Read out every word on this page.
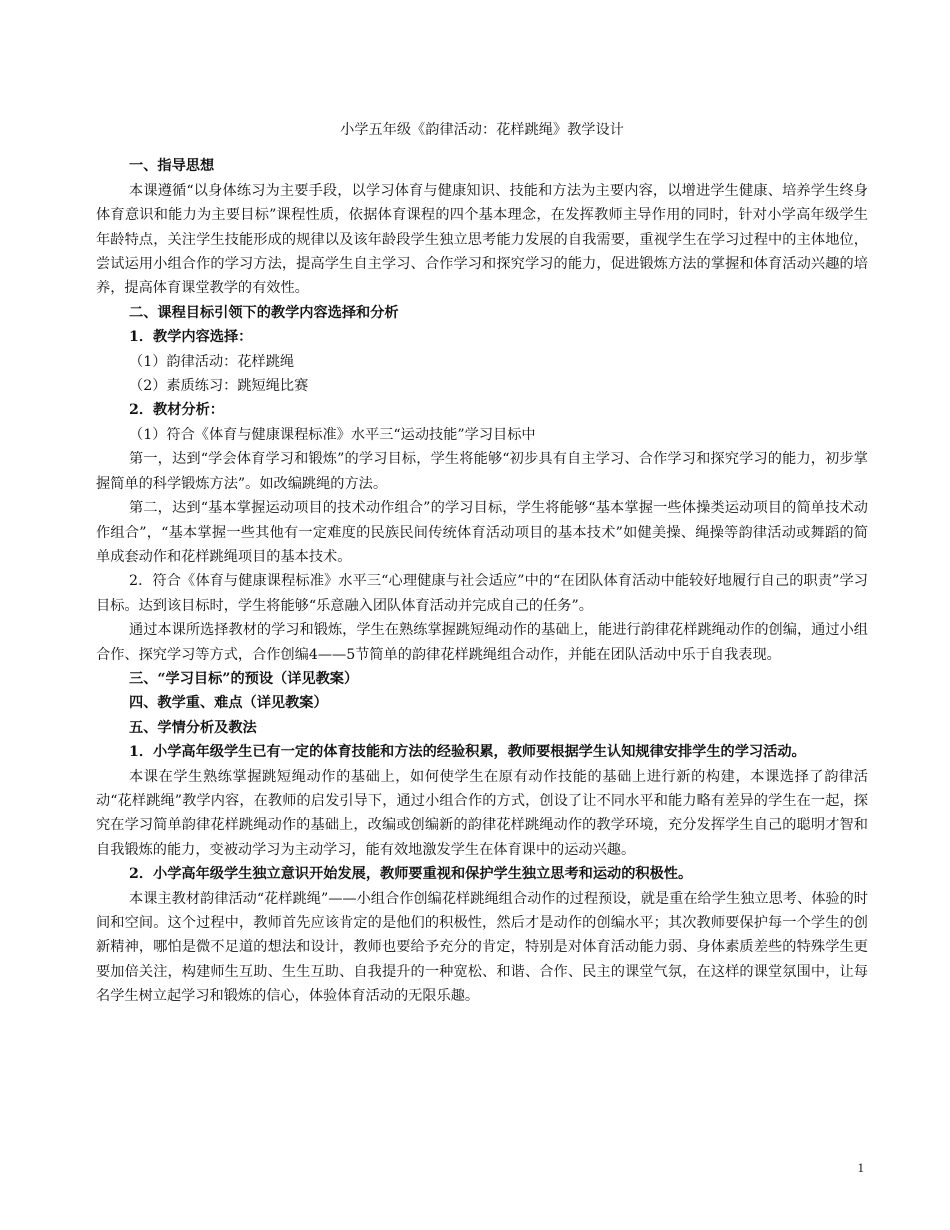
小学五年级《韵律活动：花样跳绳》教学设计
一、指导思想

本课遵循“以身体练习为主要手段，以学习体育与健康知识、技能和方法为主要内容，以增进学生健康、培养学生终身体育意识和能力为主要目标”课程性质，依据体育课程的四个基本理念，在发挥教师主导作用的同时，针对小学高年级学生年龄特点，关注学生技能形成的规律以及该年龄段学生独立思考能力发展的自我需要，重视学生在学习过程中的主体地位，尝试运用小组合作的学习方法，提高学生自主学习、合作学习和探究学习的能力，促进锻炼方法的掌握和体育活动兴趣的培养，提高体育课堂教学的有效性。

二、课程目标引领下的教学内容选择和分析
1．教学内容选择：
（1）韵律活动：花样跳绳
（2）素质练习：跳短绳比赛
2．教材分析：
（1）符合《体育与健康课程标准》水平三“运动技能”学习目标中

第一，达到“学会体育学习和锻炼”的学习目标，学生将能够“初步具有自主学习、合作学习和探究学习的能力，初步掌握简单的科学锻炼方法”。如改编跳绳的方法。

第二，达到“基本掌握运动项目的技术动作组合”的学习目标，学生将能够“基本掌握一些体操类运动项目的简单技术动作组合”，“基本掌握一些其他有一定难度的民族民间传统体育活动项目的基本技术”如健美操、绳操等韵律活动或舞蹈的简单成套动作和花样跳绳项目的基本技术。

2．符合《体育与健康课程标准》水平三“心理健康与社会适应”中的“在团队体育活动中能较好地履行自己的职责”学习目标。达到该目标时，学生将能够“乐意融入团队体育活动并完成自己的任务”。

通过本课所选择教材的学习和锻炼，学生在熟练掌握跳短绳动作的基础上，能进行韵律花样跳绳动作的创编，通过小组合作、探究学习等方式，合作创编4——5节简单的韵律花样跳绳组合动作，并能在团队活动中乐于自我表现。

三、“学习目标”的预设（详见教案）
四、教学重、难点（详见教案）
五、学情分析及教法

1．小学高年级学生已有一定的体育技能和方法的经验积累，教师要根据学生认知规律安排学生的学习活动。

本课在学生熟练掌握跳短绳动作的基础上，如何使学生在原有动作技能的基础上进行新的构建，本课选择了韵律活动“花样跳绳”教学内容，在教师的启发引导下，通过小组合作的方式，创设了让不同水平和能力略有差异的学生在一起，探究在学习简单韵律花样跳绳动作的基础上，改编或创编新的韵律花样跳绳动作的教学环境，充分发挥学生自己的聪明才智和自我锻炼的能力，变被动学习为主动学习，能有效地激发学生在体育课中的运动兴趣。

2．小学高年级学生独立意识开始发展，教师要重视和保护学生独立思考和运动的积极性。

本课主教材韵律活动“花样跳绳”——小组合作创编花样跳绳组合动作的过程预设，就是重在给学生独立思考、体验的时间和空间。这个过程中，教师首先应该肯定的是他们的积极性，然后才是动作的创编水平；其次教师要保护每一个学生的创新精神，哪怕是微不足道的想法和设计，教师也要给予充分的肯定，特别是对体育活动能力弱、身体素质差些的特殊学生更要加倍关注，构建师生互助、生生互助、自我提升的一种宽松、和谐、合作、民主的课堂气氛，在这样的课堂氛围中，让每名学生树立起学习和锻炼的信心，体验体育活动的无限乐趣。

1
